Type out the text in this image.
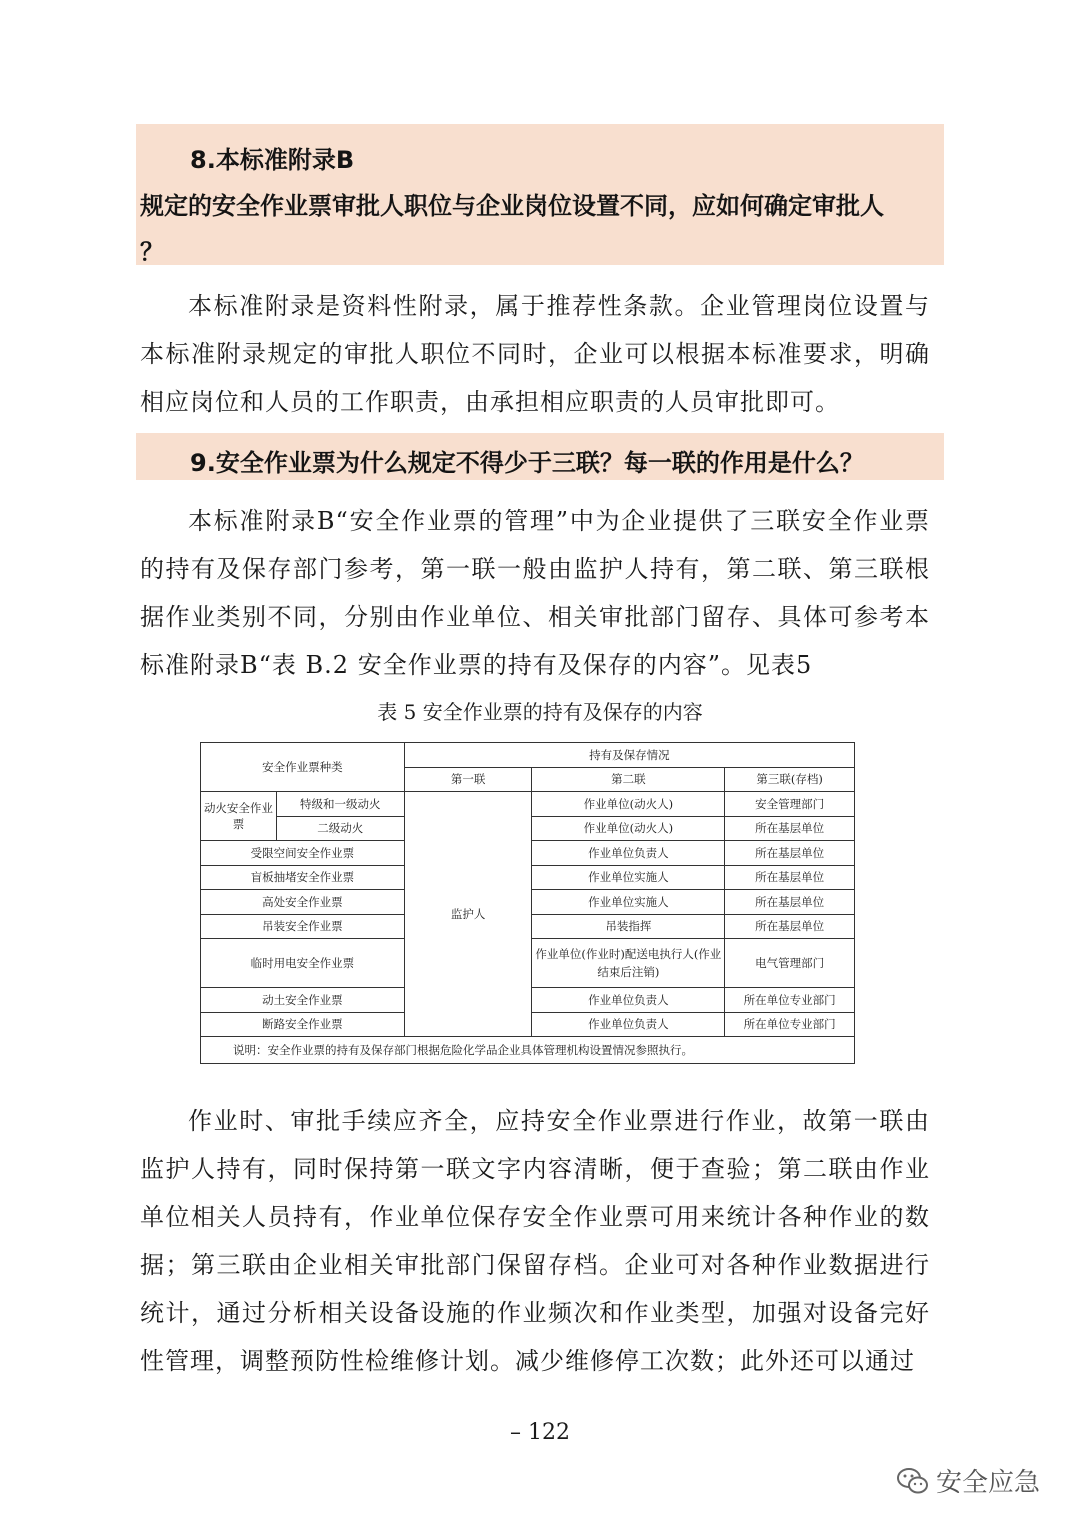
8.本标准附录B
规定的安全作业票审批人职位与企业岗位设置不同，应如何确定审批人
？
本标准附录是资料性附录，属于推荐性条款。企业管理岗位设置与本标准附录规定的审批人职位不同时，企业可以根据本标准要求，明确相应岗位和人员的工作职责，由承担相应职责的人员审批即可。
9.安全作业票为什么规定不得少于三联？每一联的作用是什么？
本标准附录B“安全作业票的管理”中为企业提供了三联安全作业票的持有及保存部门参考，第一联一般由监护人持有，第二联、第三联根据作业类别不同，分别由作业单位、相关审批部门留存、具体可参考本标准附录B“表 B.2 安全作业票的持有及保存的内容”。见表5
表 5 安全作业票的持有及保存的内容
安全作业票种类		持有及保存情况		
		第一联	第二联	第三联(存档)
动火安全作业票	特级和一级动火	监护人	作业单位(动火人)	安全管理部门
	二级动火		作业单位(动火人)	所在基层单位
受限空间安全作业票			作业单位负责人	所在基层单位
盲板抽堵安全作业票			作业单位实施人	所在基层单位
高处安全作业票			作业单位实施人	所在基层单位
吊装安全作业票			吊装指挥	所在基层单位
临时用电安全作业票			作业单位(作业时)配送电执行人(作业结束后注销)	电气管理部门
动土安全作业票			作业单位负责人	所在单位专业部门
断路安全作业票			作业单位负责人	所在单位专业部门
说明：安全作业票的持有及保存部门根据危险化学品企业具体管理机构设置情况参照执行。				
作业时、审批手续应齐全，应持安全作业票进行作业，故第一联由监护人持有，同时保持第一联文字内容清晰，便于查验；第二联由作业单位相关人员持有，作业单位保存安全作业票可用来统计各种作业的数据；第三联由企业相关审批部门保留存档。企业可对各种作业数据进行统计，通过分析相关设备设施的作业频次和作业类型，加强对设备完好性管理，调整预防性检维修计划。减少维修停工次数；此外还可以通过
– 122
安全应急
